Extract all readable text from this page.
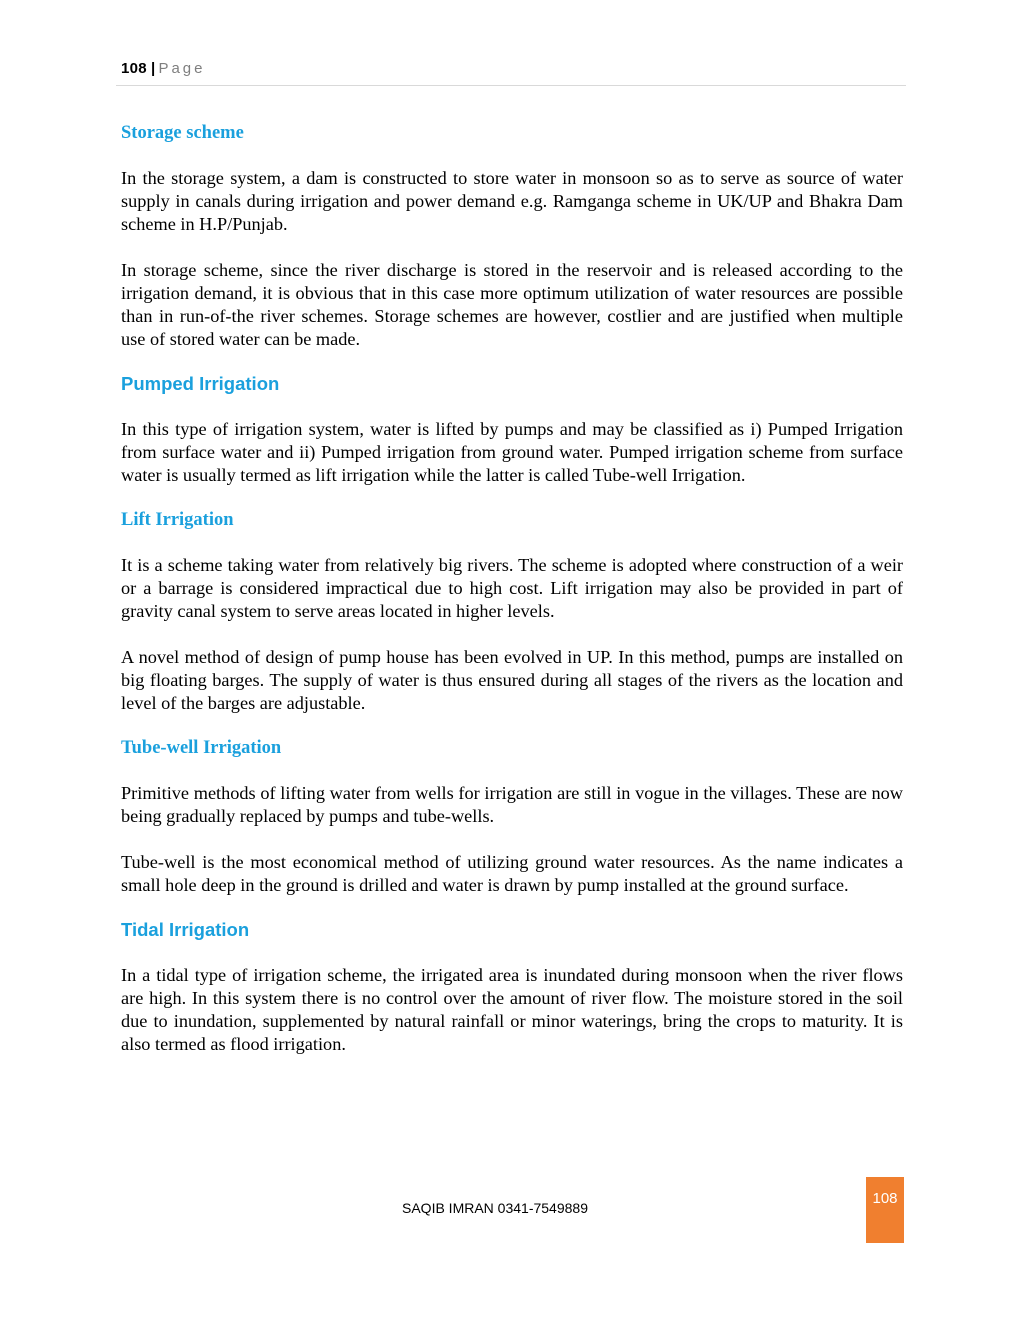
108 | Page
Storage scheme

In the storage system, a dam is constructed to store water in monsoon so as to serve as source of water supply in canals during irrigation and power demand e.g. Ramganga scheme in UK/UP and Bhakra Dam scheme in H.P/Punjab.

In storage scheme, since the river discharge is stored in the reservoir and is released according to the irrigation demand, it is obvious that in this case more optimum utilization of water resources are possible than in run-of-the river schemes. Storage schemes are however, costlier and are justified when multiple use of stored water can be made.

Pumped Irrigation

In this type of irrigation system, water is lifted by pumps and may be classified as i) Pumped Irrigation from surface water and ii) Pumped irrigation from ground water. Pumped irrigation scheme from surface water is usually termed as lift irrigation while the latter is called Tube-well Irrigation.

Lift Irrigation

It is a scheme taking water from relatively big rivers. The scheme is adopted where construction of a weir or a barrage is considered impractical due to high cost. Lift irrigation may also be provided in part of gravity canal system to serve areas located in higher levels.

A novel method of design of pump house has been evolved in UP. In this method, pumps are installed on big floating barges. The supply of water is thus ensured during all stages of the rivers as the location and level of the barges are adjustable.

Tube-well Irrigation

Primitive methods of lifting water from wells for irrigation are still in vogue in the villages. These are now being gradually replaced by pumps and tube-wells.

Tube-well is the most economical method of utilizing ground water resources. As the name indicates a small hole deep in the ground is drilled and water is drawn by pump installed at the ground surface.

Tidal Irrigation

In a tidal type of irrigation scheme, the irrigated area is inundated during monsoon when the river flows are high. In this system there is no control over the amount of river flow. The moisture stored in the soil due to inundation, supplemented by natural rainfall or minor waterings, bring the crops to maturity. It is also termed as flood irrigation.

SAQIB IMRAN 0341-7549889
108
